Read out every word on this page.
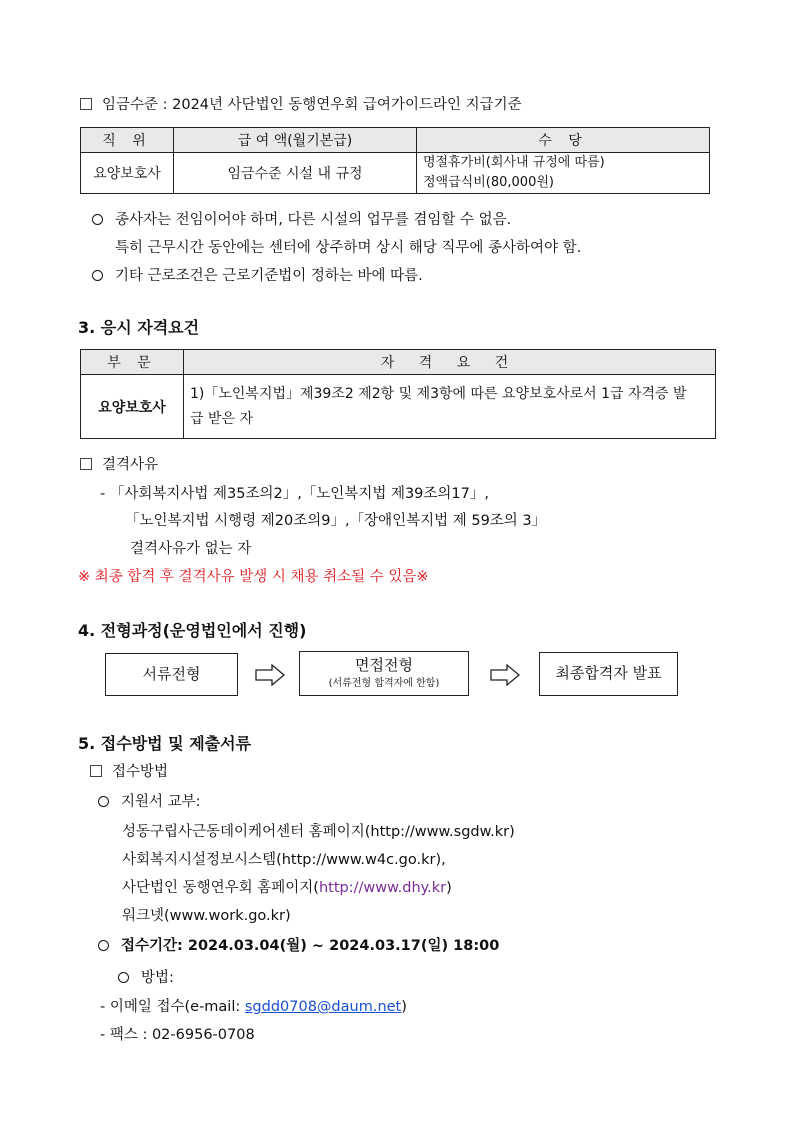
임금수준 : 2024년 사단법인 동행연우회 급여가이드라인 지급기준
직 위	급 여 액(월기본급)	수 당
요양보호사	임금수준 시설 내 규정	명절휴가비(회사내 규정에 따름)
정액급식비(80,000원)
종사자는 전임이어야 하며, 다른 시설의 업무를 겸임할 수 없음.
특히 근무시간 동안에는 센터에 상주하며 상시 해당 직무에 종사하여야 함.
기타 근로조건은 근로기준법이 정하는 바에 따름.
3. 응시 자격요건
부 문	자 격 요 건
요양보호사	1)「노인복지법」제39조2 제2항 및 제3항에 따른 요양보호사로서 1급 자격증 발
급 받은 자
결격사유
- 「사회복지사법 제35조의2」,「노인복지법 제39조의17」,
「노인복지법 시행령 제20조의9」,「장애인복지법 제 59조의 3」
결격사유가 없는 자
※ 최종 합격 후 결격사유 발생 시 채용 취소될 수 있음※
4. 전형과정(운영법인에서 진행)
서류전형	면접전형
(서류전형 합격자에 한함)
최종합격자 발표
5. 접수방법 및 제출서류
접수방법
지원서 교부:
성동구립사근동데이케어센터 홈페이지(http://www.sgdw.kr)
사회복지시설정보시스템(http://www.w4c.go.kr),
사단법인 동행연우회 홈페이지(http://www.dhy.kr)
워크넷(www.work.go.kr)
접수기간: 2024.03.04(월) ~ 2024.03.17(일) 18:00
방법:
- 이메일 접수(e-mail: sgdd0708@daum.net)
- 팩스 : 02-6956-0708
